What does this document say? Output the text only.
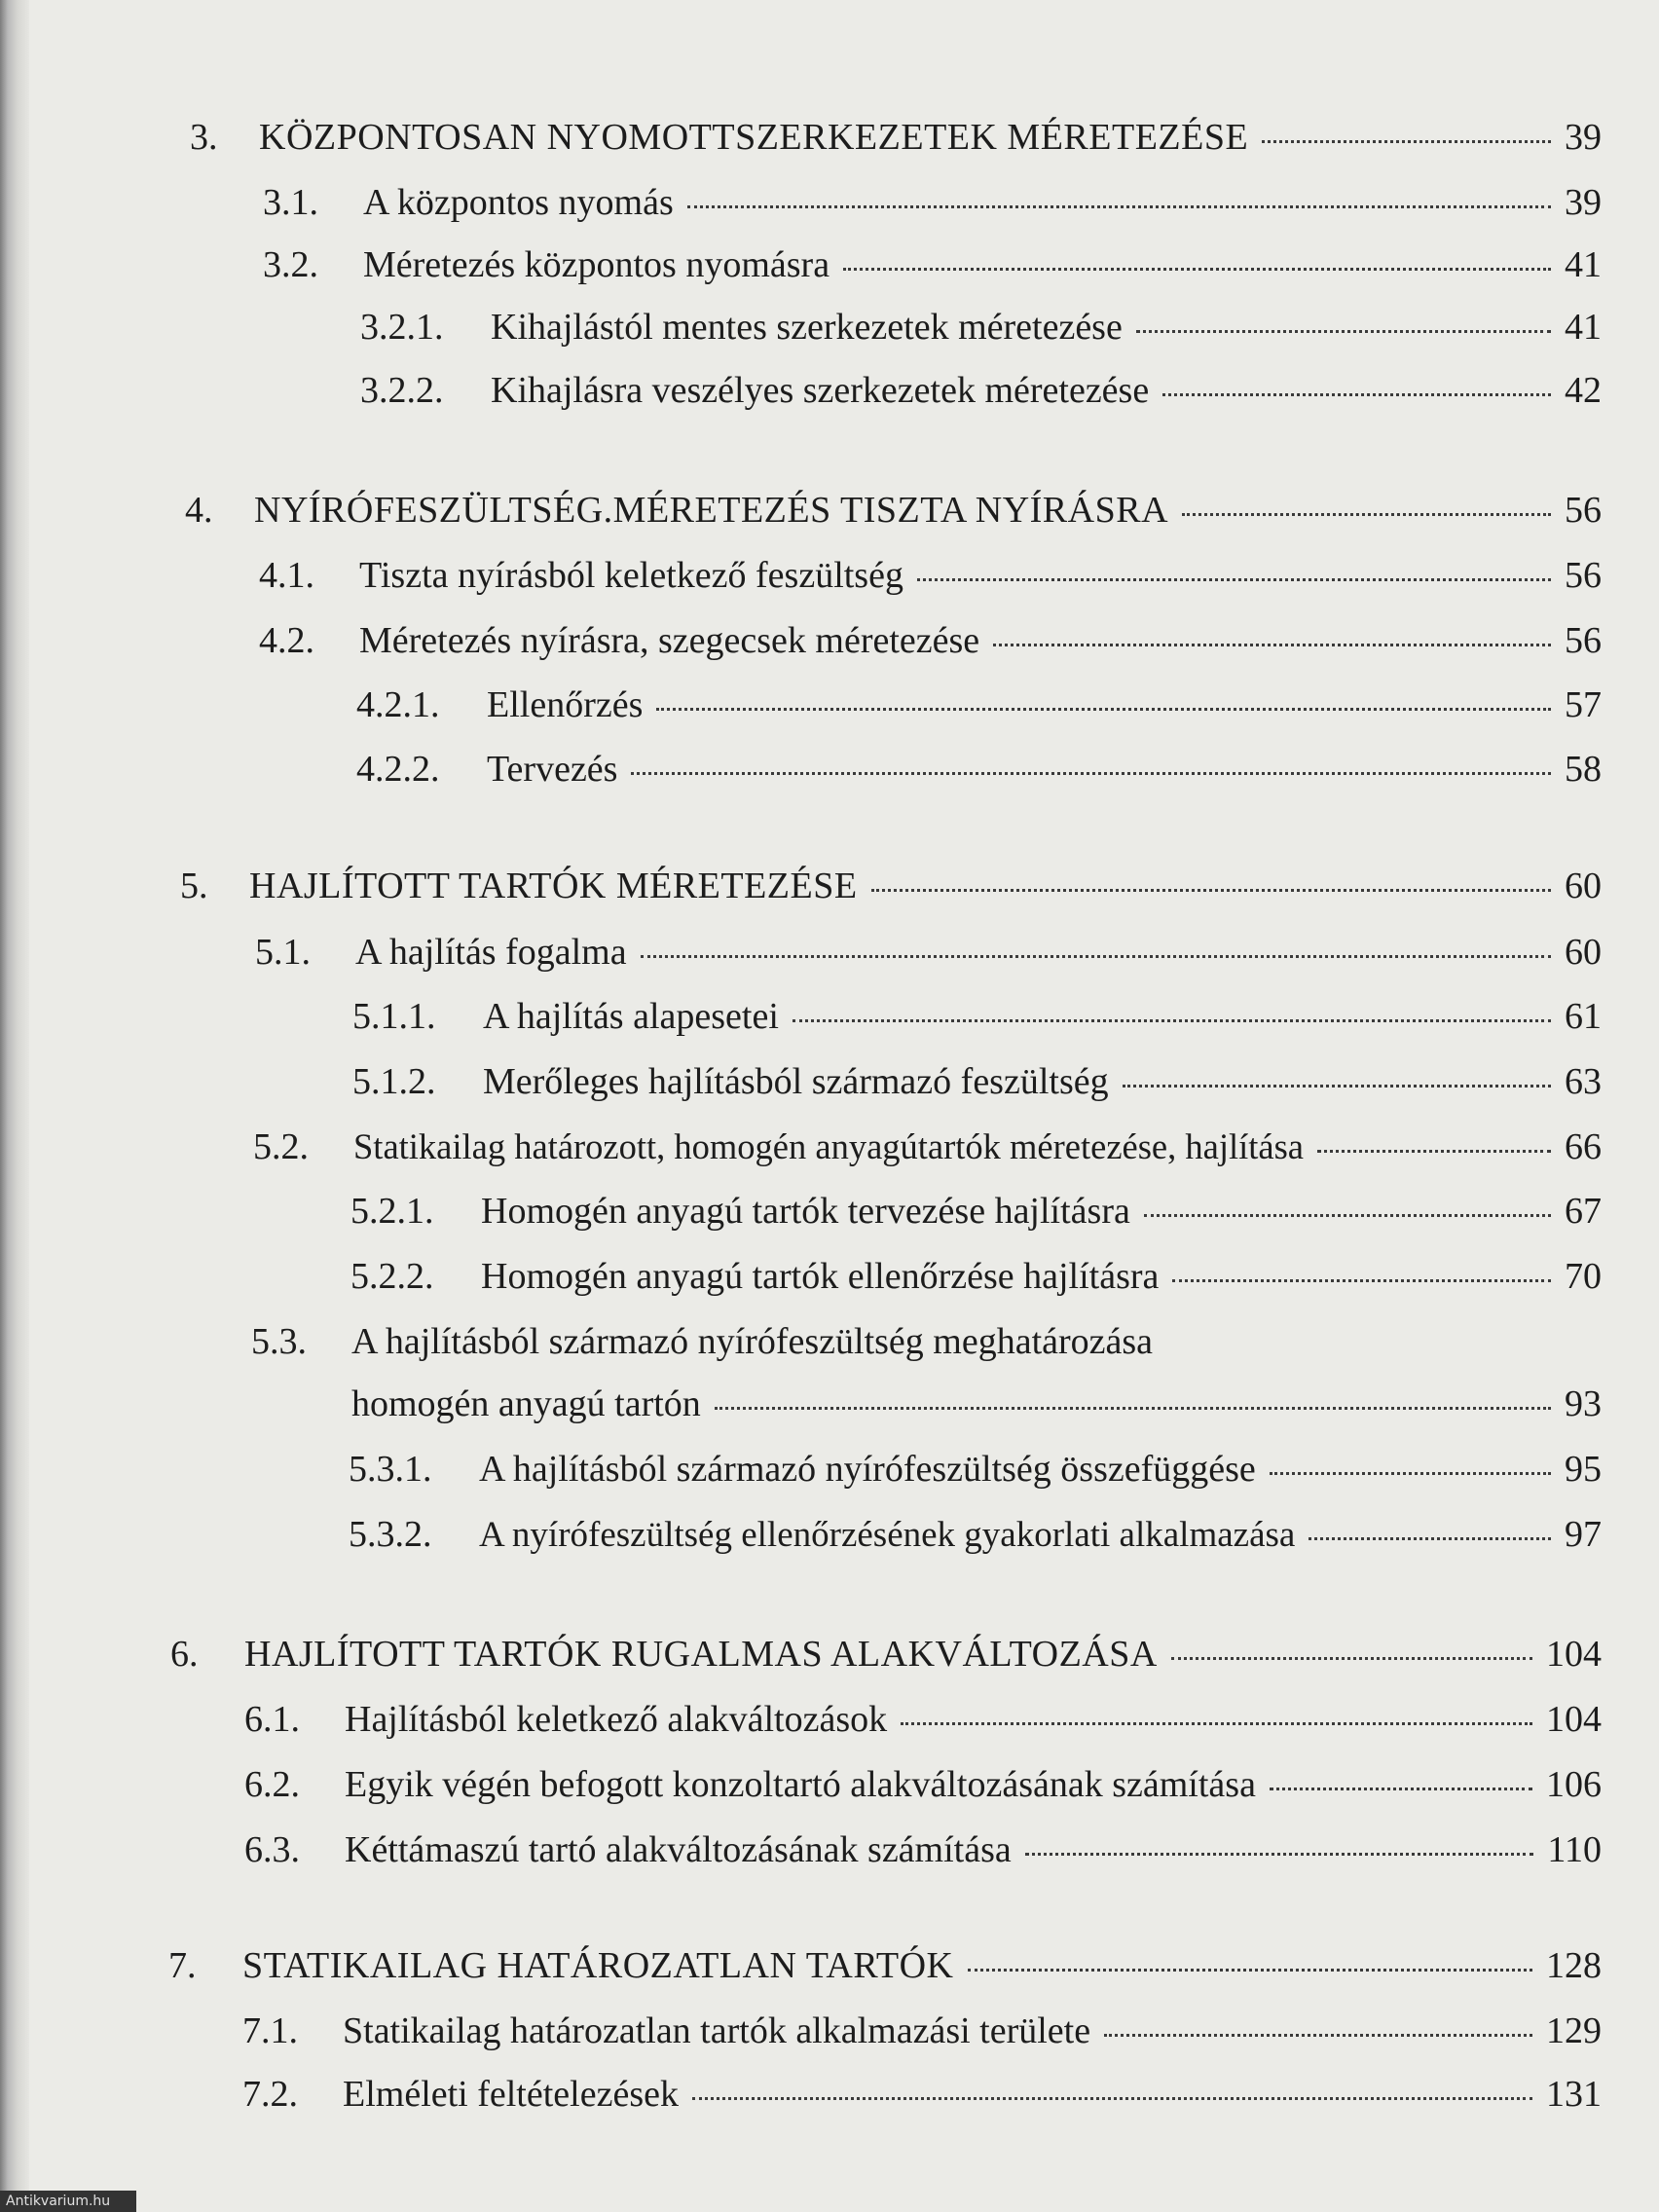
3.	KÖZPONTOSAN NYOMOTTSZERKEZETEK MÉRETEZÉSE	39
3.1.	A központos nyomás	39
3.2.	Méretezés központos nyomásra	41
3.2.1.	Kihajlástól mentes szerkezetek méretezése	41
3.2.2.	Kihajlásra veszélyes szerkezetek méretezése	42
4.	NYÍRÓFESZÜLTSÉG.MÉRETEZÉS TISZTA NYÍRÁSRA	56
4.1.	Tiszta nyírásból keletkező feszültség	56
4.2.	Méretezés nyírásra, szegecsek méretezése	56
4.2.1.	Ellenőrzés	57
4.2.2.	Tervezés	58
5.	HAJLÍTOTT TARTÓK MÉRETEZÉSE	60
5.1.	A hajlítás fogalma	60
5.1.1.	A hajlítás alapesetei	61
5.1.2.	Merőleges hajlításból származó feszültség	63
5.2.	Statikailag határozott, homogén anyagútartók méretezése, hajlítása	66
5.2.1.	Homogén anyagú tartók tervezése hajlításra	67
5.2.2.	Homogén anyagú tartók ellenőrzése hajlításra	70
5.3.	A hajlításból származó nyírófeszültség meghatározása
homogén anyagú tartón	93
5.3.1.	A hajlításból származó nyírófeszültség összefüggése	95
5.3.2.	A nyírófeszültség ellenőrzésének gyakorlati alkalmazása	97
6.	HAJLÍTOTT TARTÓK RUGALMAS ALAKVÁLTOZÁSA	104
6.1.	Hajlításból keletkező alakváltozások	104
6.2.	Egyik végén befogott konzoltartó alakváltozásának számítása	106
6.3.	Kéttámaszú tartó alakváltozásának számítása	110
7.	STATIKAILAG HATÁROZATLAN TARTÓK	128
7.1.	Statikailag határozatlan tartók alkalmazási területe	129
7.2.	Elméleti feltételezések	131
Antikvarium.hu
